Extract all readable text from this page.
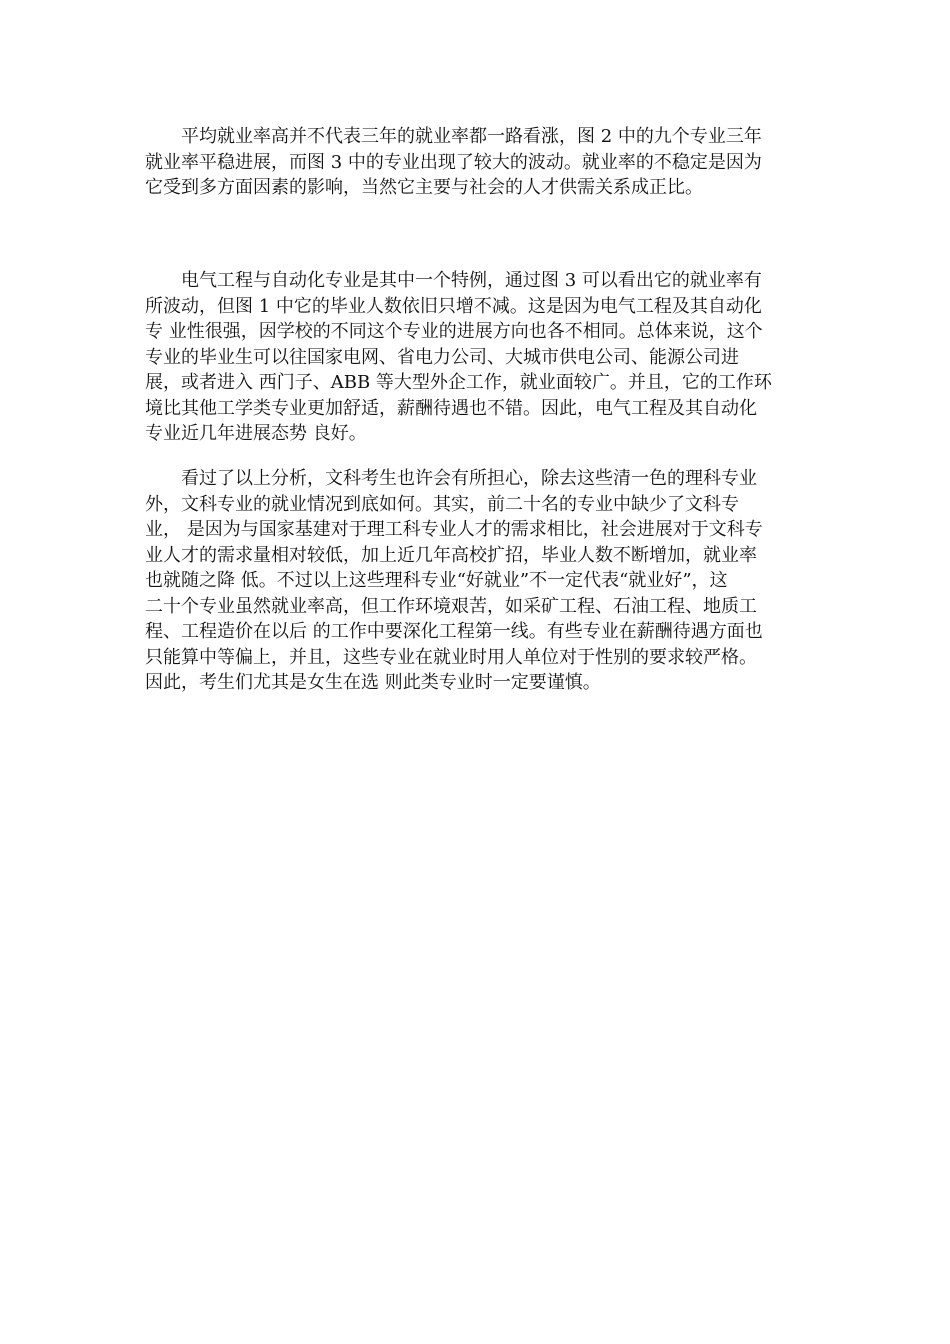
　　平均就业率高并不代表三年的就业率都一路看涨，图 2 中的九个专业三年
就业率平稳进展，而图 3 中的专业出现了较大的波动。就业率的不稳定是因为
它受到多方面因素的影响，当然它主要与社会的人才供需关系成正比。

　　电气工程与自动化专业是其中一个特例，通过图 3 可以看出它的就业率有
所波动，但图 1 中它的毕业人数依旧只增不减。这是因为电气工程及其自动化
专 业性很强，因学校的不同这个专业的进展方向也各不相同。总体来说，这个
专业的毕业生可以往国家电网、省电力公司、大城市供电公司、能源公司进
展，或者进入 西门子、ABB 等大型外企工作，就业面较广。并且，它的工作环
境比其他工学类专业更加舒适，薪酬待遇也不错。因此，电气工程及其自动化
专业近几年进展态势 良好。

　　看过了以上分析，文科考生也许会有所担心，除去这些清一色的理科专业
外，文科专业的就业情况到底如何。其实，前二十名的专业中缺少了文科专
业， 是因为与国家基建对于理工科专业人才的需求相比，社会进展对于文科专
业人才的需求量相对较低，加上近几年高校扩招，毕业人数不断增加，就业率
也就随之降 低。不过以上这些理科专业“好就业”不一定代表“就业好”，这
二十个专业虽然就业率高，但工作环境艰苦，如采矿工程、石油工程、地质工
程、工程造价在以后 的工作中要深化工程第一线。有些专业在薪酬待遇方面也
只能算中等偏上，并且，这些专业在就业时用人单位对于性别的要求较严格。
因此，考生们尤其是女生在选 则此类专业时一定要谨慎。
